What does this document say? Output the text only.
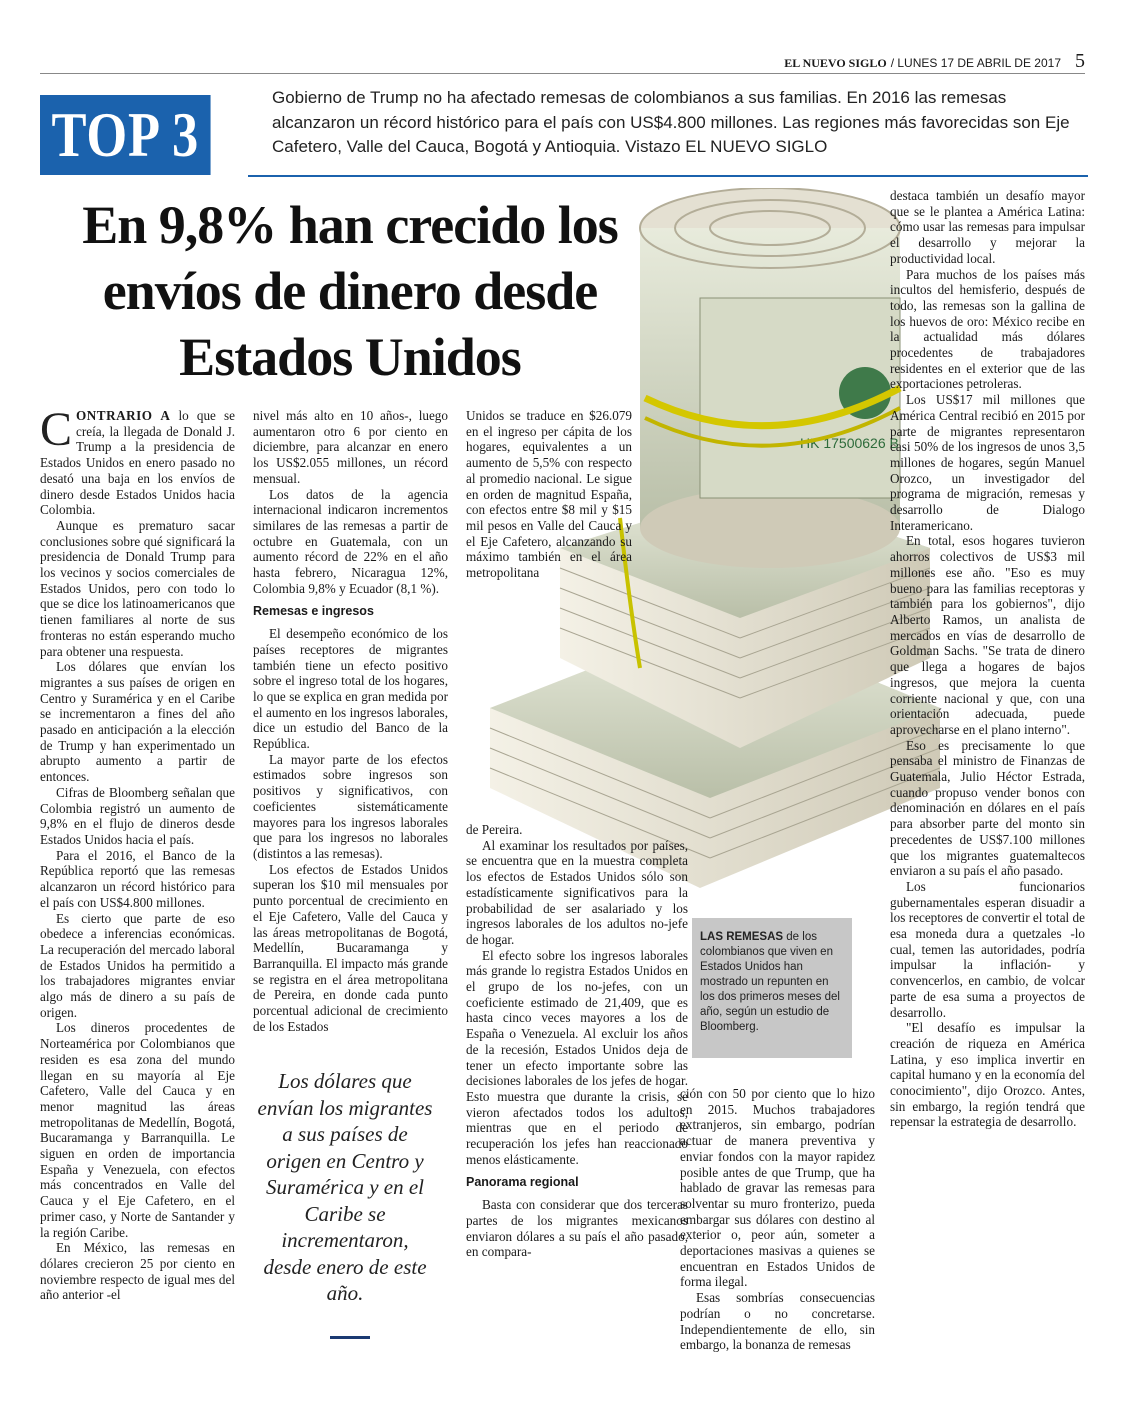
EL NUEVO SIGLO / LUNES 17 DE ABRIL DE 2017 5
TOP 3
Gobierno de Trump no ha afectado remesas de colombianos a sus familias. En 2016 las remesas alcanzaron un récord histórico para el país con US$4.800 millones. Las regiones más favorecidas son Eje Cafetero, Valle del Cauca, Bogotá y Antioquia. Vistazo EL NUEVO SIGLO
En 9,8% han crecido los envíos de dinero desde Estados Unidos
HK 17500626 B
LAS REMESAS de los colombianos que viven en Estados Unidos han mostrado un repunten en los dos primeros meses del año, según un estudio de Bloomberg.

CONTRARIO A lo que se creía, la llegada de Donald J. Trump a la presidencia de Estados Unidos en enero pasado no desató una baja en los envíos de dinero desde Estados Unidos hacia Colombia.

Aunque es prematuro sacar conclusiones sobre qué significará la presidencia de Donald Trump para los vecinos y socios comerciales de Estados Unidos, pero con todo lo que se dice los latinoamericanos que tienen familiares al norte de sus fronteras no están esperando mucho para obtener una respuesta.

Los dólares que envían los migrantes a sus países de origen en Centro y Suramérica y en el Caribe se incrementaron a fines del año pasado en anticipación a la elección de Trump y han experimentado un abrupto aumento a partir de entonces.

Cifras de Bloomberg señalan que Colombia registró un aumento de 9,8% en el flujo de dineros desde Estados Unidos hacia el país.

Para el 2016, el Banco de la República reportó que las remesas alcanzaron un récord histórico para el país con US$4.800 millones.

Es cierto que parte de eso obedece a inferencias económicas. La recuperación del mercado laboral de Estados Unidos ha permitido a los trabajadores migrantes enviar algo más de dinero a su país de origen.

Los dineros procedentes de Norteamérica por Colombianos que residen es esa zona del mundo llegan en su mayoría al Eje Cafetero, Valle del Cauca y en menor magnitud las áreas metropolitanas de Medellín, Bogotá, Bucaramanga y Barranquilla. Le siguen en orden de importancia España y Venezuela, con efectos más concentrados en Valle del Cauca y el Eje Cafetero, en el primer caso, y Norte de Santander y la región Caribe.

En México, las remesas en dólares crecieron 25 por ciento en noviembre respecto de igual mes del año anterior -el

nivel más alto en 10 años-, luego aumentaron otro 6 por ciento en diciembre, para alcanzar en enero los US$2.055 millones, un récord mensual.

Los datos de la agencia internacional indicaron incrementos similares de las remesas a partir de octubre en Guatemala, con un aumento récord de 22% en el año hasta febrero, Nicaragua 12%, Colombia 9,8% y Ecuador (8,1 %).

Remesas e ingresos

El desempeño económico de los países receptores de migrantes también tiene un efecto positivo sobre el ingreso total de los hogares, lo que se explica en gran medida por el aumento en los ingresos laborales, dice un estudio del Banco de la República.

La mayor parte de los efectos estimados sobre ingresos son positivos y significativos, con coeficientes sistemáticamente mayores para los ingresos laborales que para los ingresos no laborales (distintos a las remesas).

Los efectos de Estados Unidos superan los $10 mil mensuales por punto porcentual de crecimiento en el Eje Cafetero, Valle del Cauca y las áreas metropolitanas de Bogotá, Medellín, Bucaramanga y Barranquilla. El impacto más grande se registra en el área metropolitana de Pereira, en donde cada punto porcentual adicional de crecimiento de los Estados

Los dólares que envían los migrantes a sus países de origen en Centro y Suramérica y en el Caribe se incrementaron, desde enero de este año.

Unidos se traduce en $26.079 en el ingreso per cápita de los hogares, equivalentes a un aumento de 5,5% con respecto al promedio nacional. Le sigue en orden de magnitud España, con efectos entre $8 mil y $15 mil pesos en Valle del Cauca y el Eje Cafetero, alcanzando su máximo también en el área metropolitana

de Pereira.

Al examinar los resultados por países, se encuentra que en la muestra completa los efectos de Estados Unidos sólo son estadísticamente significativos para la probabilidad de ser asalariado y los ingresos laborales de los adultos no-jefe de hogar.

El efecto sobre los ingresos laborales más grande lo registra Estados Unidos en el grupo de los no-jefes, con un coeficiente estimado de 21,409, que es hasta cinco veces mayores a los de España o Venezuela. Al excluir los años de la recesión, Estados Unidos deja de tener un efecto importante sobre las decisiones laborales de los jefes de hogar. Esto muestra que durante la crisis, se vieron afectados todos los adultos, mientras que en el periodo de recuperación los jefes han reaccionado menos elásticamente.

Panorama regional

Basta con considerar que dos terceras partes de los migrantes mexicanos enviaron dólares a su país el año pasado, en compara-

ción con 50 por ciento que lo hizo en 2015. Muchos trabajadores extranjeros, sin embargo, podrían actuar de manera preventiva y enviar fondos con la mayor rapidez posible antes de que Trump, que ha hablado de gravar las remesas para solventar su muro fronterizo, pueda embargar sus dólares con destino al exterior o, peor aún, someter a deportaciones masivas a quienes se encuentran en Estados Unidos de forma ilegal.

Esas sombrías consecuencias podrían o no concretarse. Independientemente de ello, sin embargo, la bonanza de remesas

destaca también un desafío mayor que se le plantea a América Latina: cómo usar las remesas para impulsar el desarrollo y mejorar la productividad local.

Para muchos de los países más incultos del hemisferio, después de todo, las remesas son la gallina de los huevos de oro: México recibe en la actualidad más dólares procedentes de trabajadores residentes en el exterior que de las exportaciones petroleras.

Los US$17 mil millones que América Central recibió en 2015 por parte de migrantes representaron casi 50% de los ingresos de unos 3,5 millones de hogares, según Manuel Orozco, un investigador del programa de migración, remesas y desarrollo de Dialogo Interamericano.

En total, esos hogares tuvieron ahorros colectivos de US$3 mil millones ese año. "Eso es muy bueno para las familias receptoras y también para los gobiernos", dijo Alberto Ramos, un analista de mercados en vías de desarrollo de Goldman Sachs. "Se trata de dinero que llega a hogares de bajos ingresos, que mejora la cuenta corriente nacional y que, con una orientación adecuada, puede aprovecharse en el plano interno".

Eso es precisamente lo que pensaba el ministro de Finanzas de Guatemala, Julio Héctor Estrada, cuando propuso vender bonos con denominación en dólares en el país para absorber parte del monto sin precedentes de US$7.100 millones que los migrantes guatemaltecos enviaron a su país el año pasado.

Los funcionarios gubernamentales esperan disuadir a los receptores de convertir el total de esa moneda dura a quetzales -lo cual, temen las autoridades, podría impulsar la inflación- y convencerlos, en cambio, de volcar parte de esa suma a proyectos de desarrollo.

"El desafío es impulsar la creación de riqueza en América Latina, y eso implica invertir en capital humano y en la economía del conocimiento", dijo Orozco. Antes, sin embargo, la región tendrá que repensar la estrategia de desarrollo.
